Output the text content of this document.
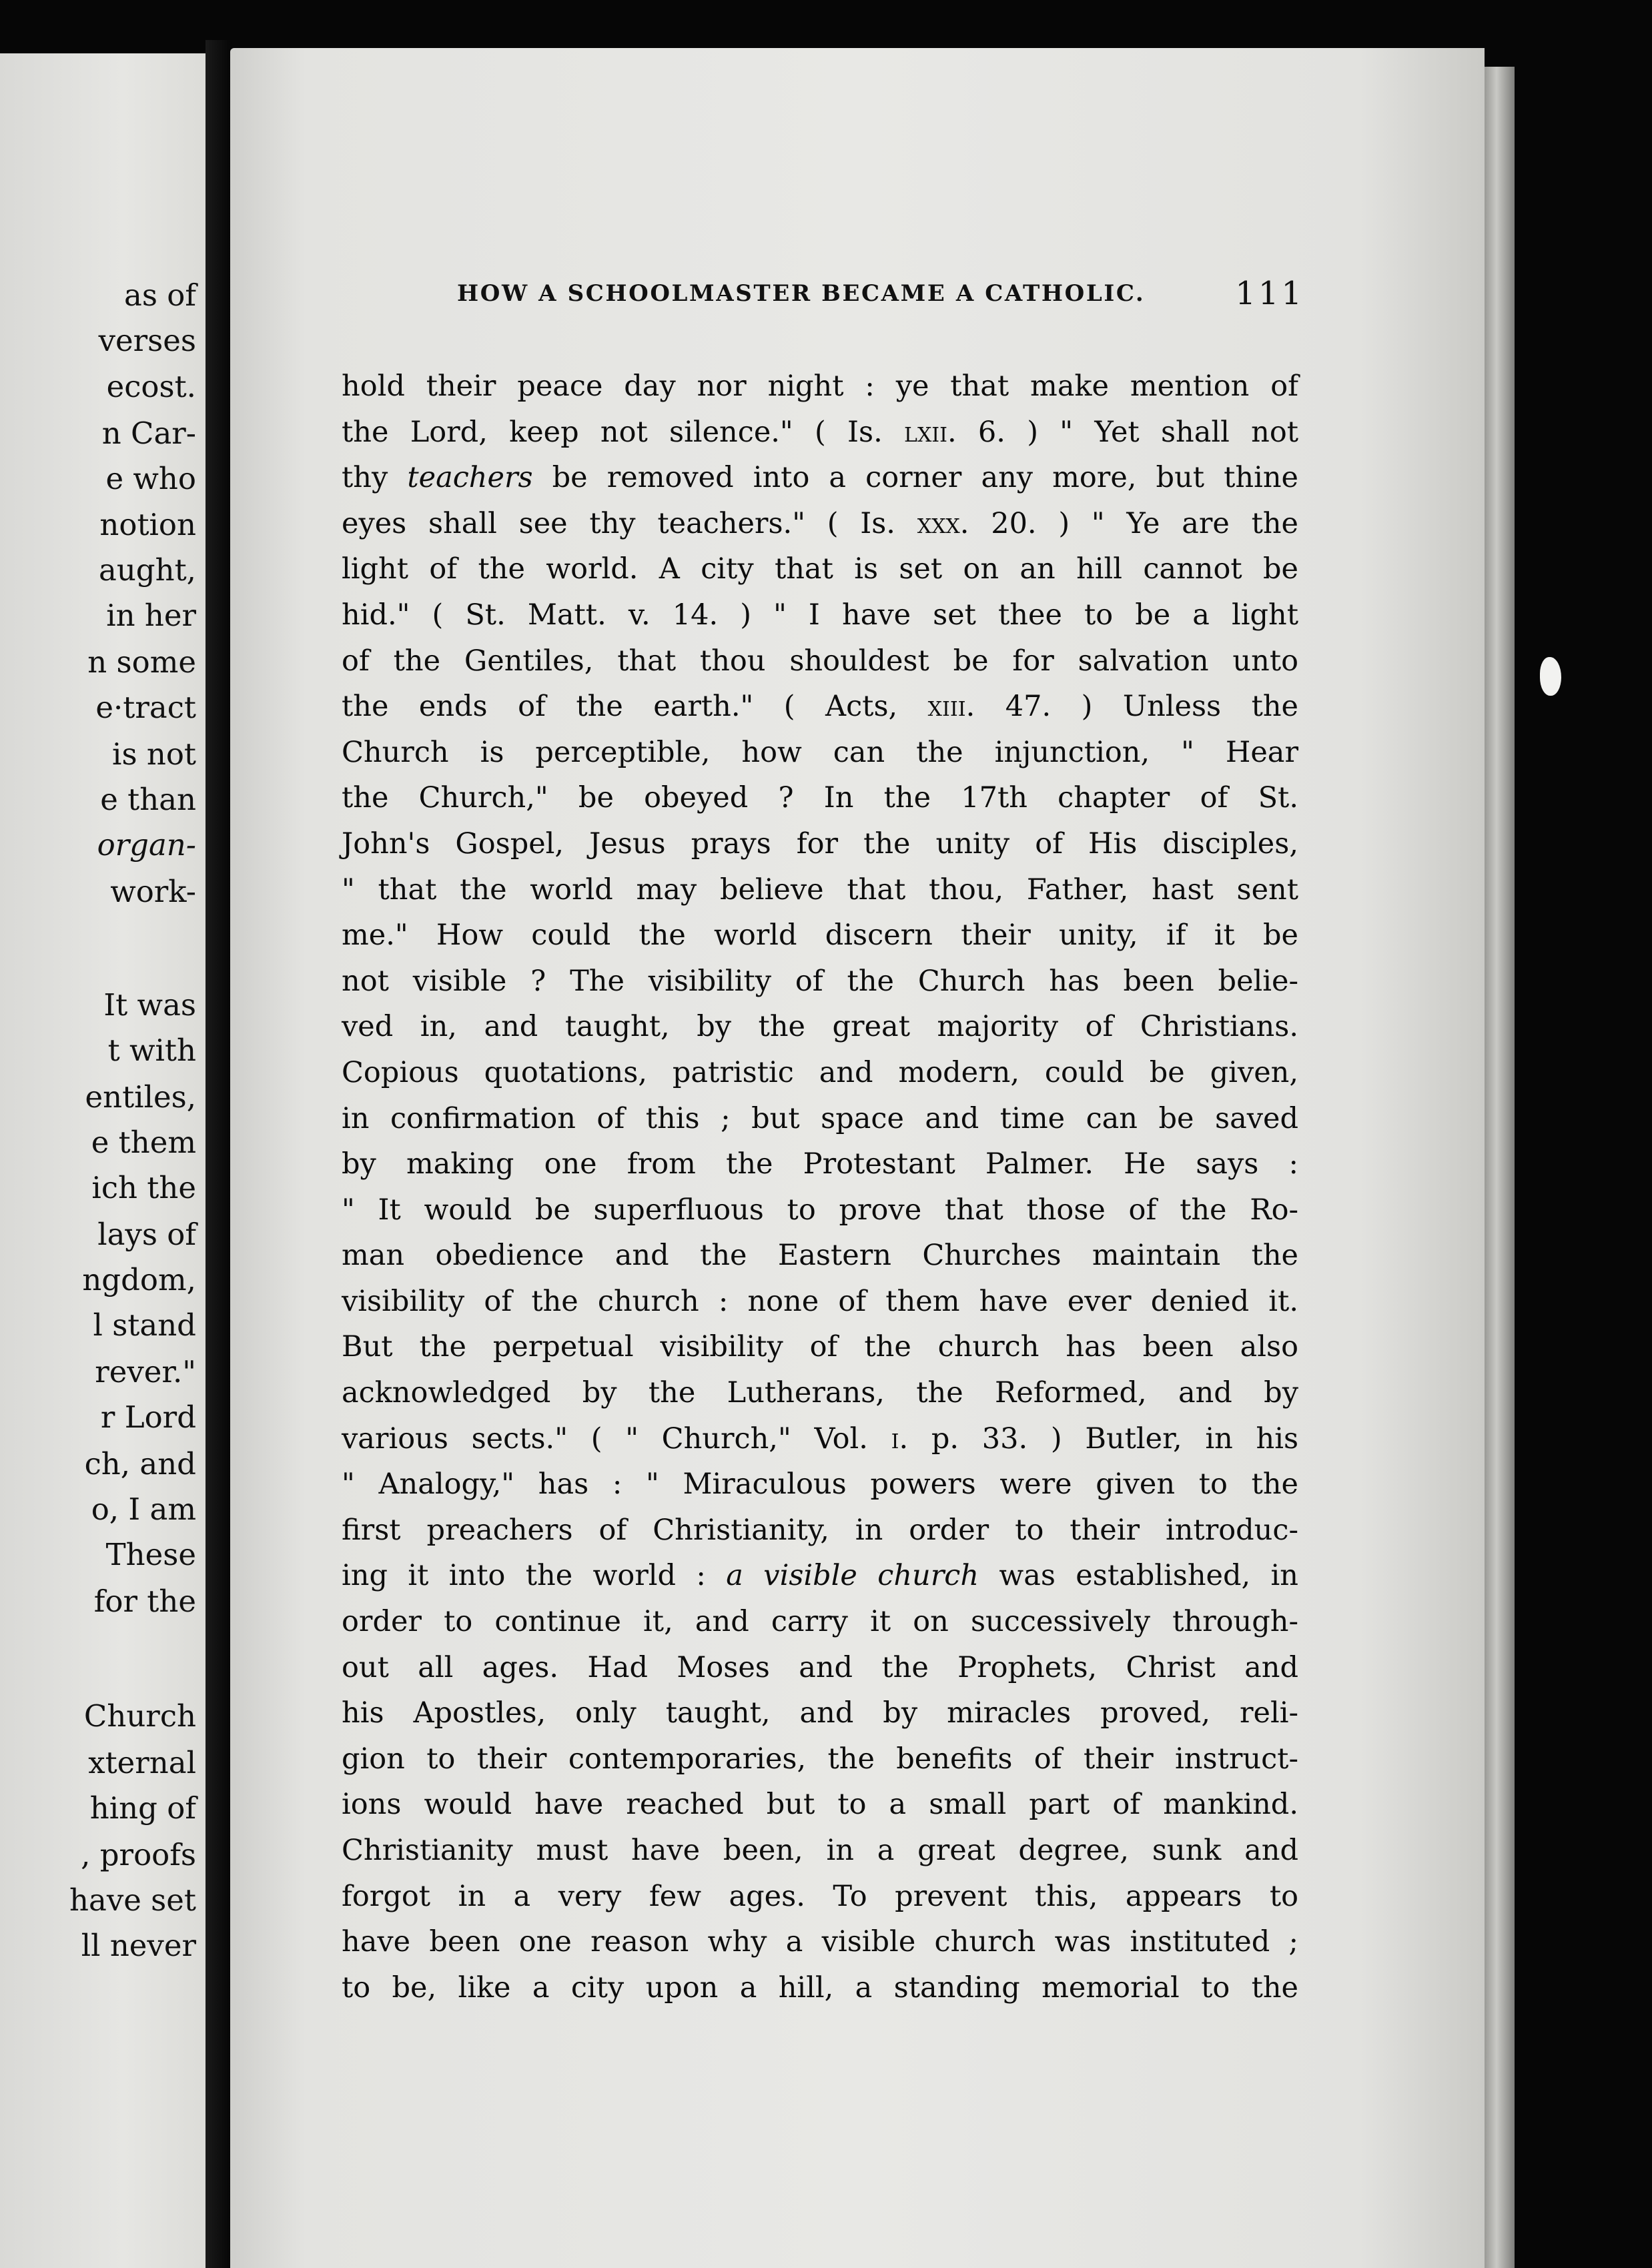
as of
verses
ecost.
n Car-
e who
notion
aught,
in her
n some
e·tract
is not
e than
organ-
work-
It was
t with
entiles,
e them
ich the
lays of
ngdom,
l stand
rever."
r Lord
ch, and
o, I am
These
for the
Church
xternal
hing of
, proofs
have set
ll never
HOW A SCHOOLMASTER BECAME A CATHOLIC.	111
hold their peace day nor night : ye that make mention of
the Lord, keep not silence." ( Is. lxii. 6. ) " Yet shall not
thy teachers be removed into a corner any more, but thine
eyes shall see thy teachers." ( Is. xxx. 20. ) " Ye are the
light of the world. A city that is set on an hill cannot be
hid." ( St. Matt. v. 14. ) " I have set thee to be a light
of the Gentiles, that thou shouldest be for salvation unto
the ends of the earth." ( Acts, xiii. 47. ) Unless the
Church is perceptible, how can the injunction, " Hear
the Church," be obeyed ? In the 17th chapter of St.
John's Gospel, Jesus prays for the unity of His disciples,
" that the world may believe that thou, Father, hast sent
me." How could the world discern their unity, if it be
not visible ? The visibility of the Church has been belie-
ved in, and taught, by the great majority of Christians.
Copious quotations, patristic and modern, could be given,
in confirmation of this ; but space and time can be saved
by making one from the Protestant Palmer. He says :
" It would be superfluous to prove that those of the Ro-
man obedience and the Eastern Churches maintain the
visibility of the church : none of them have ever denied it.
But the perpetual visibility of the church has been also
acknowledged by the Lutherans, the Reformed, and by
various sects." ( " Church," Vol. i. p. 33. ) Butler, in his
" Analogy," has : " Miraculous powers were given to the
first preachers of Christianity, in order to their introduc-
ing it into the world : a visible church was established, in
order to continue it, and carry it on successively through-
out all ages. Had Moses and the Prophets, Christ and
his Apostles, only taught, and by miracles proved, reli-
gion to their contemporaries, the benefits of their instruct-
ions would have reached but to a small part of mankind.
Christianity must have been, in a great degree, sunk and
forgot in a very few ages. To prevent this, appears to
have been one reason why a visible church was instituted ;
to be, like a city upon a hill, a standing memorial to the
